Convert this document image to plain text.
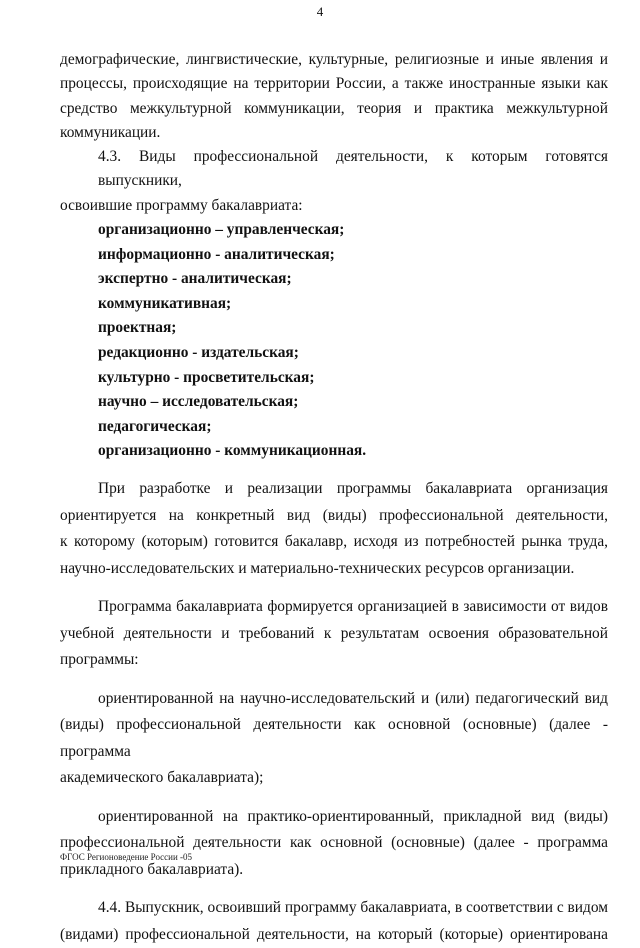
4

демографические, лингвистические, культурные, религиозные и иные явления и
процессы, происходящие на территории России, а также иностранные языки как
средство межкультурной коммуникации, теория и практика межкультурной
коммуникации.

4.3. Виды профессиональной деятельности, к которым готовятся выпускники,
освоившие программу бакалавриата:

организационно – управленческая;
информационно - аналитическая;
экспертно - аналитическая;
коммуникативная;
проектная;
редакционно - издательская;
культурно - просветительская;
научно – исследовательская;
педагогическая;
организационно - коммуникационная.

При разработке и реализации программы бакалавриата организация
ориентируется на конкретный вид (виды) профессиональной деятельности,
к которому (которым) готовится бакалавр, исходя из потребностей рынка труда,
научно-исследовательских и материально-технических ресурсов организации.

Программа бакалавриата формируется организацией в зависимости от видов
учебной деятельности и требований к результатам освоения образовательной
программы:

ориентированной на научно-исследовательский и (или) педагогический вид
(виды) профессиональной деятельности как основной (основные) (далее - программа
академического бакалавриата);

ориентированной на практико-ориентированный, прикладной вид (виды)
профессиональной деятельности как основной (основные) (далее - программа
прикладного бакалавриата).

4.4. Выпускник, освоивший программу бакалавриата, в соответствии с видом
(видами) профессиональной деятельности, на который (которые) ориентирована

ФГОС Регионоведение России -05
